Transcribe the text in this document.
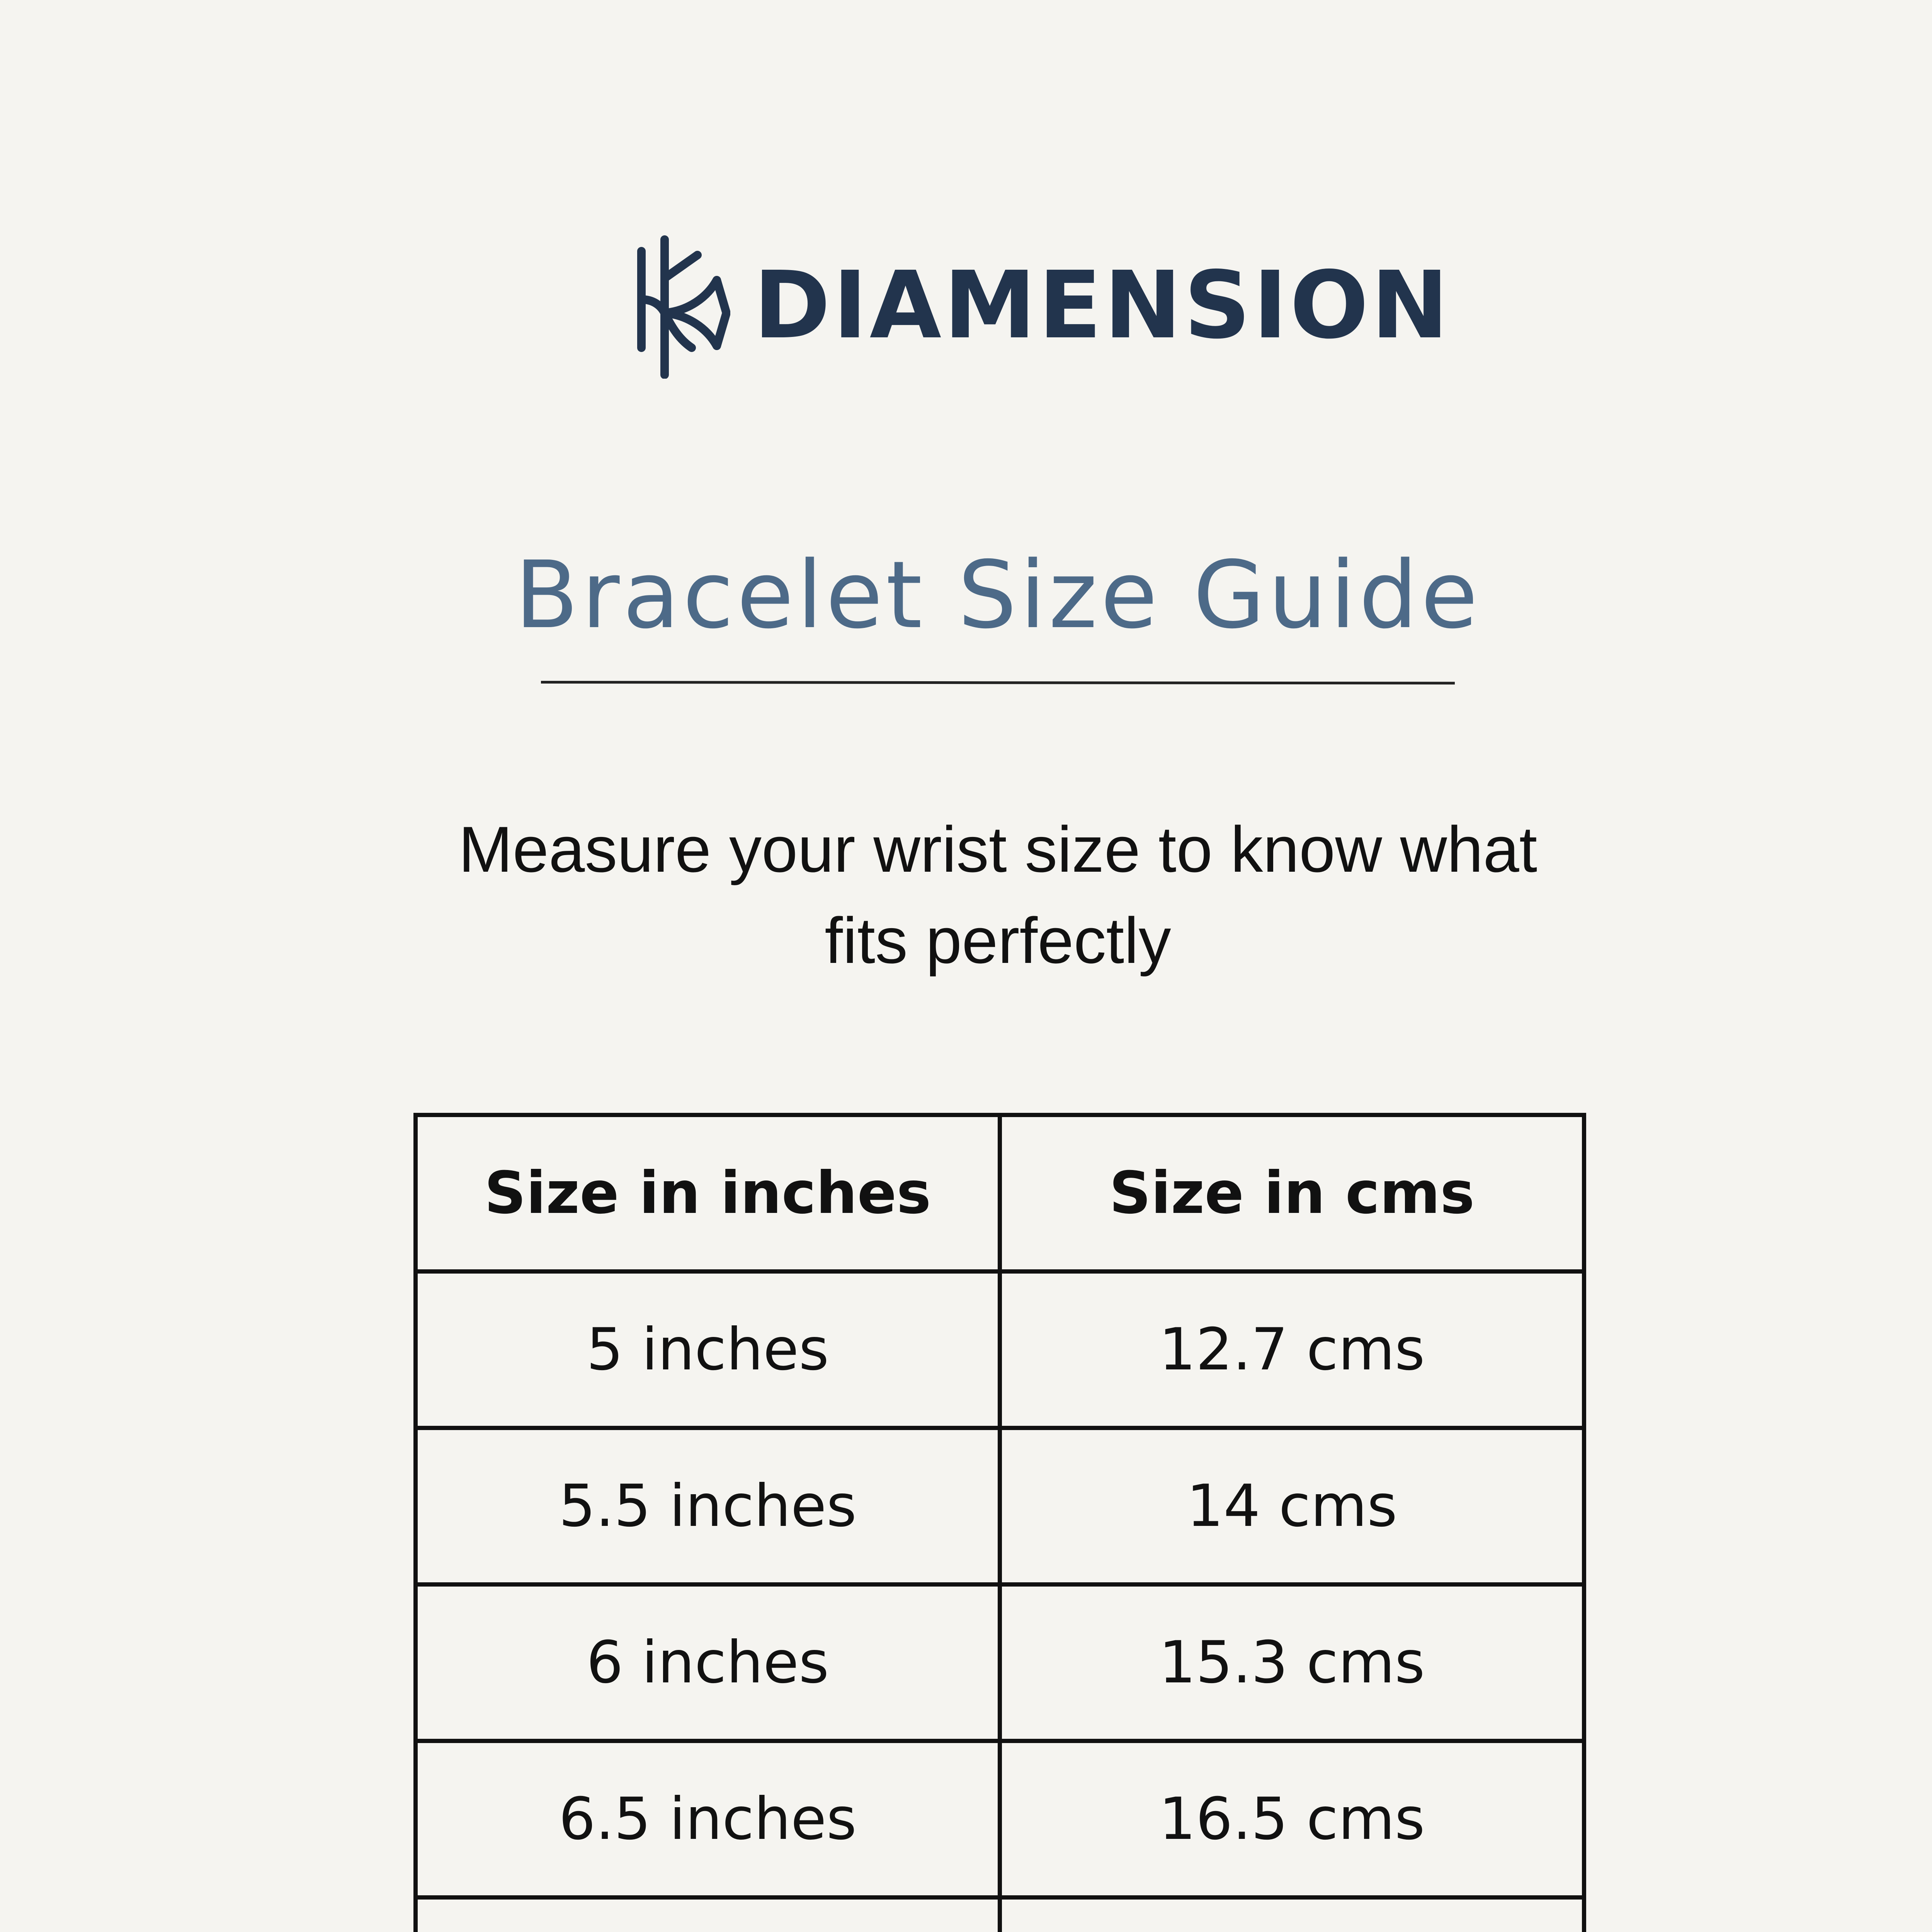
DIAMENSION
Bracelet Size Guide

Measure your wrist size to know what
fits perfectly

Size in inches	Size in cms
5 inches	12.7 cms
5.5 inches	14 cms
6 inches	15.3 cms
6.5 inches	16.5 cms
